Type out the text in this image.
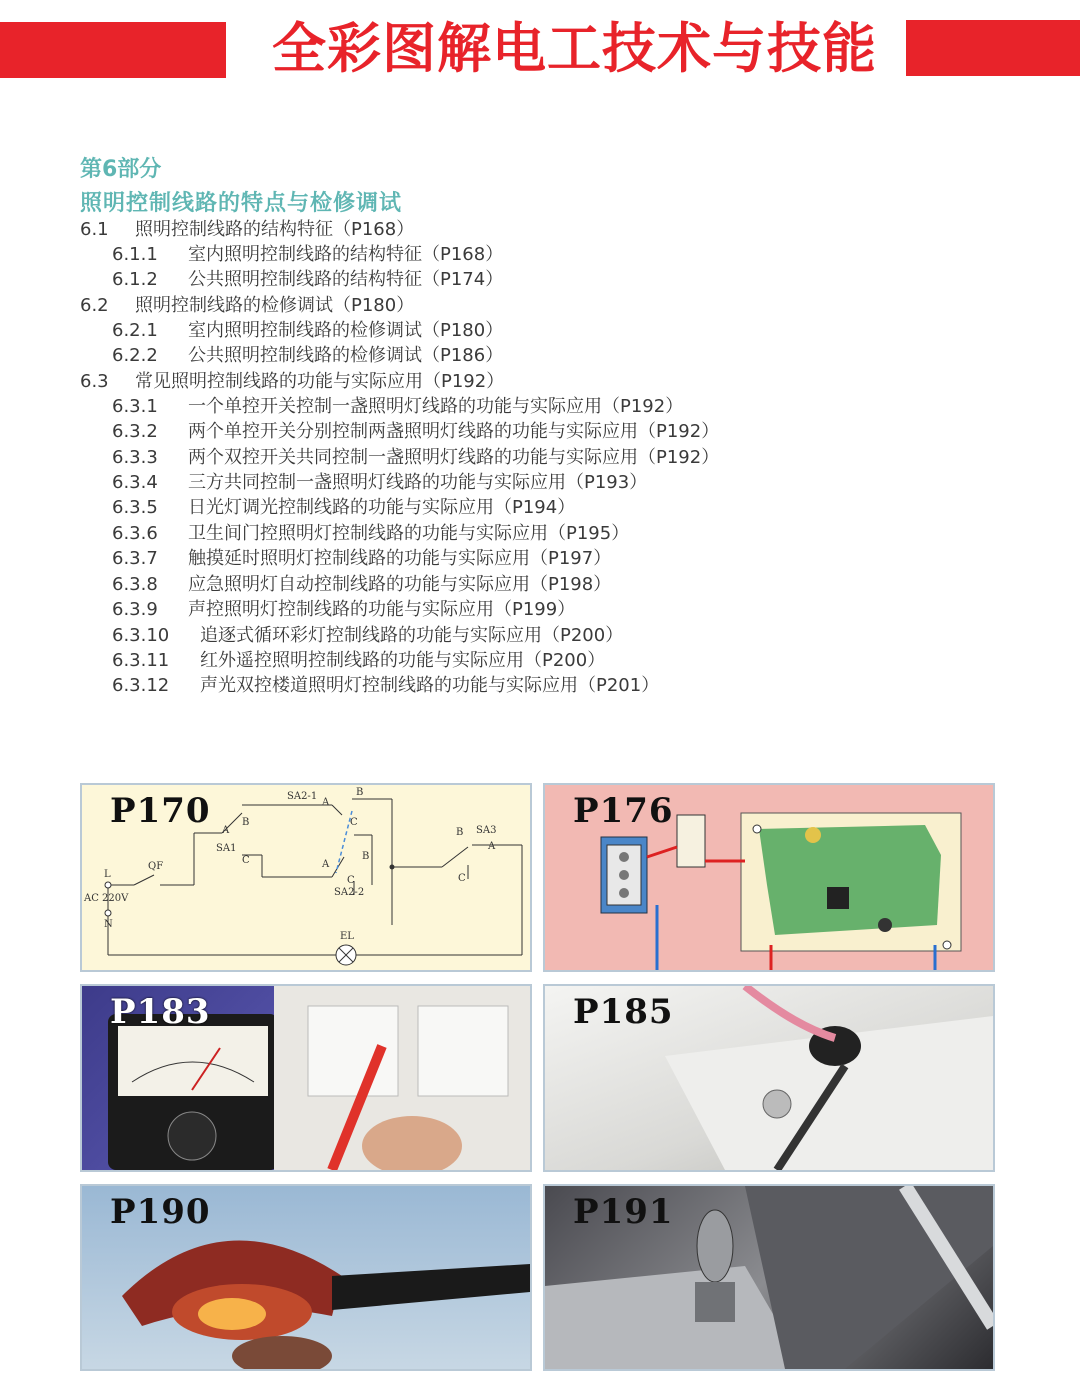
全彩图解电工技术与技能
第6部分
照明控制线路的特点与检修调试
6.1 照明控制线路的结构特征（P168）
6.1.1 室内照明控制线路的结构特征（P168）
6.1.2 公共照明控制线路的结构特征（P174）
6.2 照明控制线路的检修调试（P180）
6.2.1 室内照明控制线路的检修调试（P180）
6.2.2 公共照明控制线路的检修调试（P186）
6.3 常见照明控制线路的功能与实际应用（P192）
6.3.1 一个单控开关控制一盏照明灯线路的功能与实际应用（P192）
6.3.2 两个单控开关分别控制两盏照明灯线路的功能与实际应用（P192）
6.3.3 两个双控开关共同控制一盏照明灯线路的功能与实际应用（P192）
6.3.4 三方共同控制一盏照明灯线路的功能与实际应用（P193）
6.3.5 日光灯调光控制线路的功能与实际应用（P194）
6.3.6 卫生间门控照明灯控制线路的功能与实际应用（P195）
6.3.7 触摸延时照明灯控制线路的功能与实际应用（P197）
6.3.8 应急照明灯自动控制线路的功能与实际应用（P198）
6.3.9 声控照明灯控制线路的功能与实际应用（P199）
6.3.10 追逐式循环彩灯控制线路的功能与实际应用（P200）
6.3.11 红外遥控照明控制线路的功能与实际应用（P200）
6.3.12 声光双控楼道照明灯控制线路的功能与实际应用（P201）
SA2-1	B
A
C
B
A
SA1
C	A
B
C
SA2-2
B SA3
A
C
QF
L
AC 220V
N
EL
P170	P176
P183	P185
P190	P191
